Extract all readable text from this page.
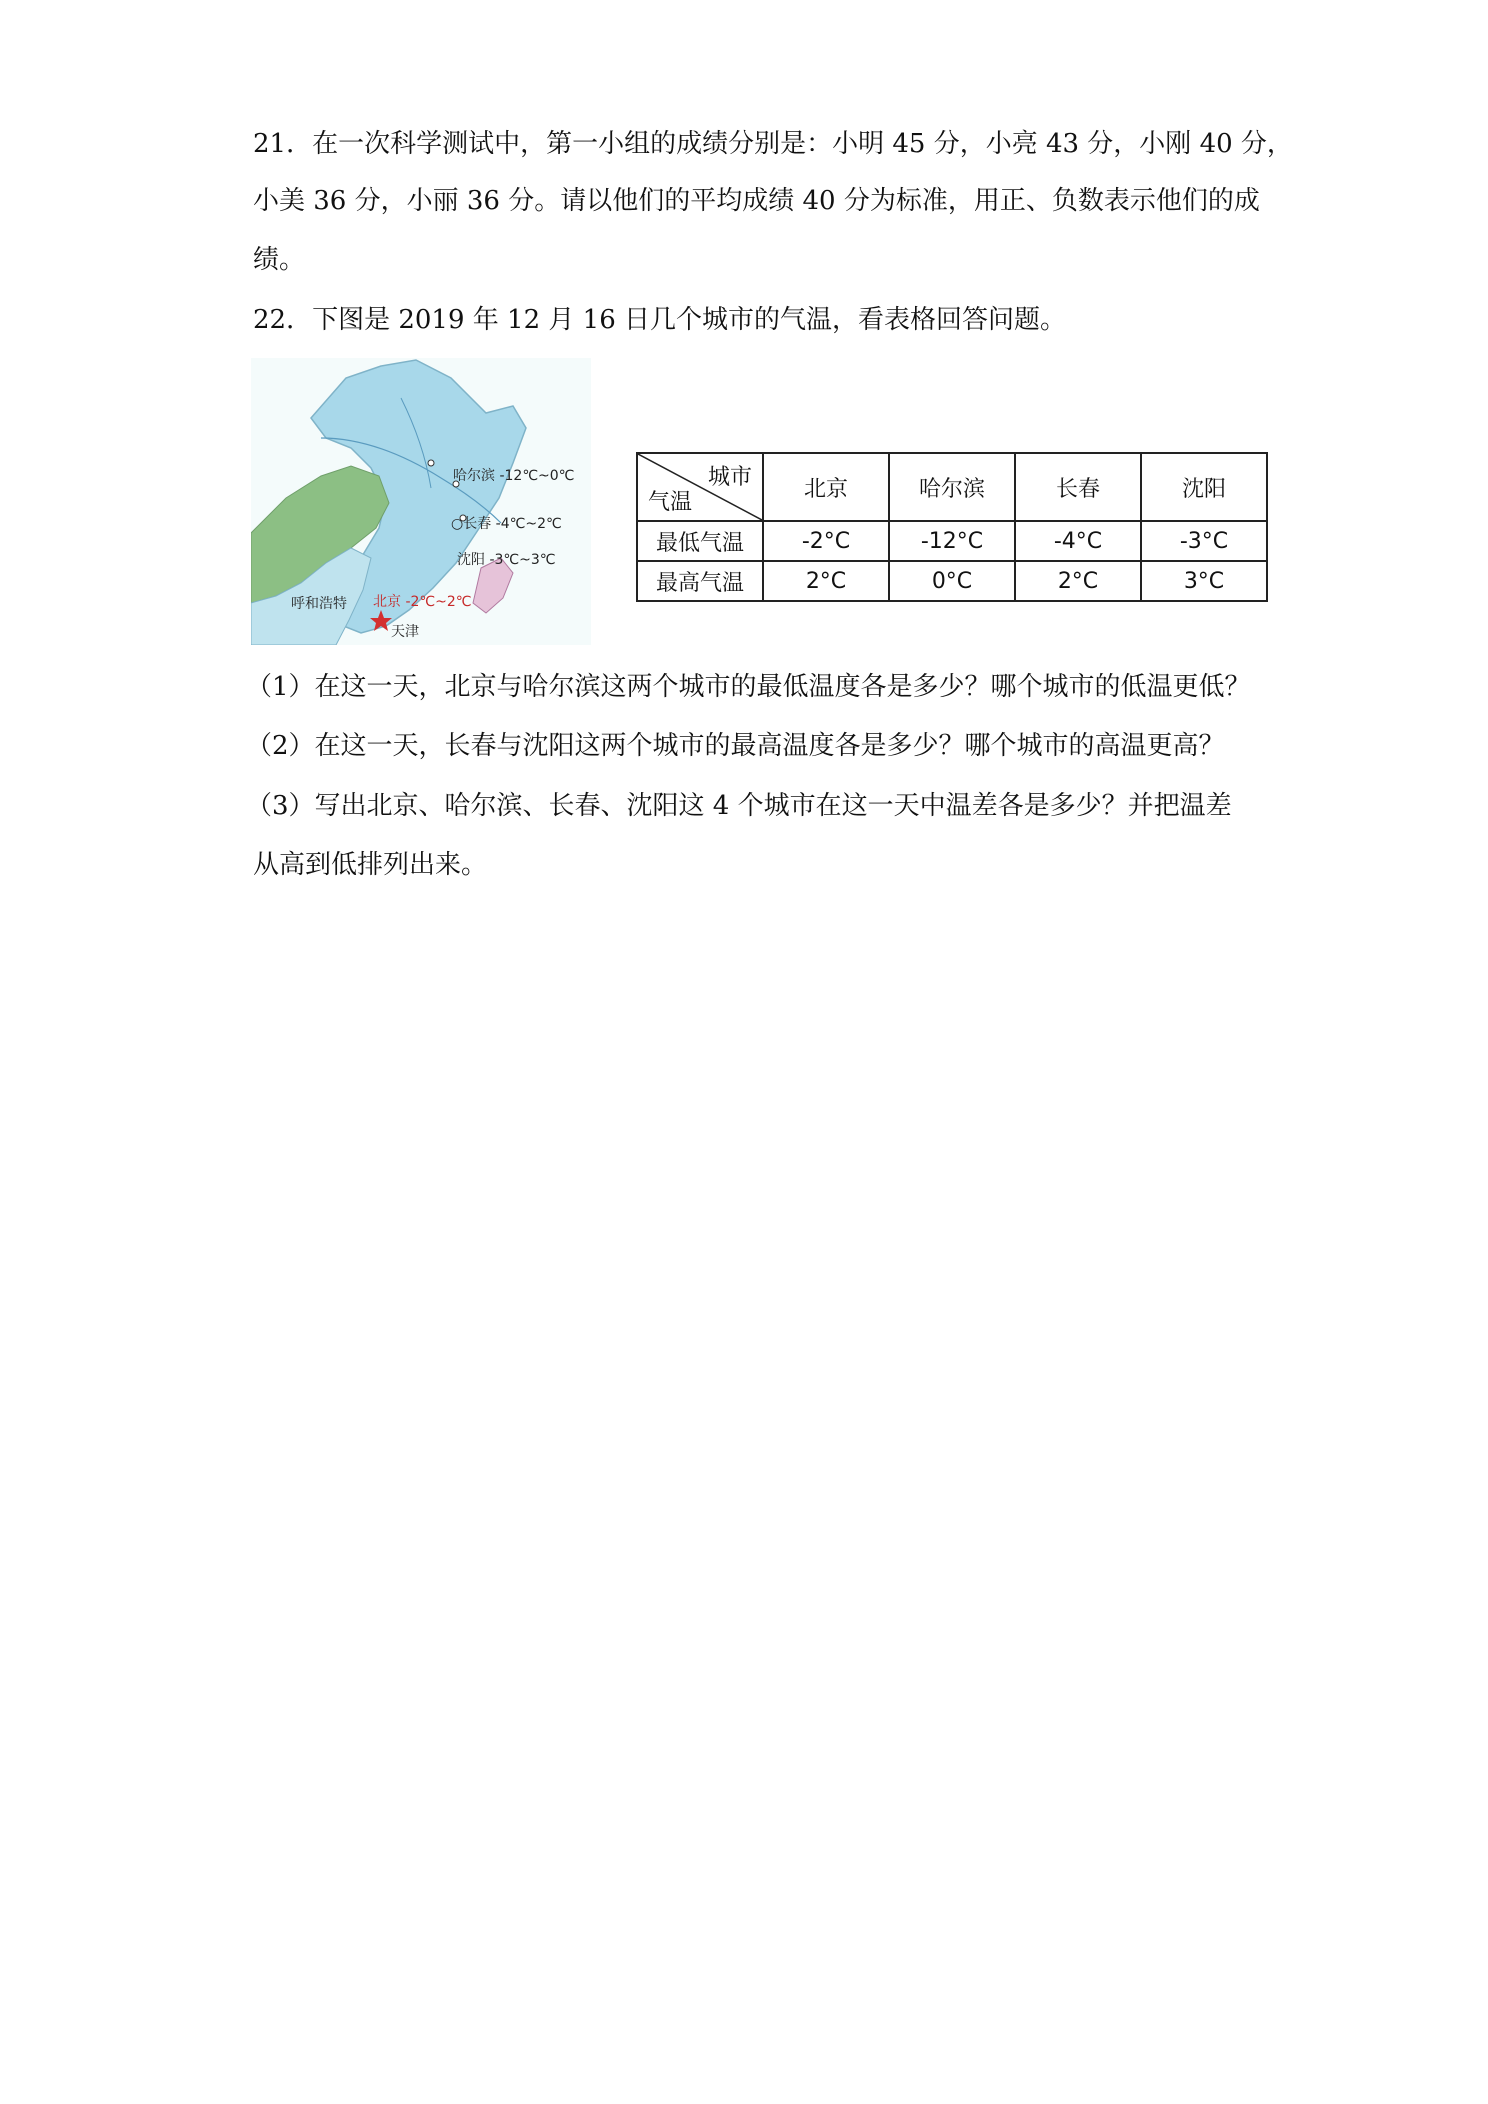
21．在一次科学测试中，第一小组的成绩分别是：小明 45 分，小亮 43 分，小刚 40 分，
小美 36 分，小丽 36 分。请以他们的平均成绩 40 分为标准，用正、负数表示他们的成
绩。
22．下图是 2019 年 12 月 16 日几个城市的气温，看表格回答问题。
哈尔滨 -12℃~0℃
○长春 -4℃~2℃
沈阳 -3℃~3℃
呼和浩特 北京 -2℃~2℃
天津
城市
气温	北京	哈尔滨	长春	沈阳
最低气温	-2°C	-12°C	-4°C	-3°C
最高气温	2°C	0°C	2°C	3°C
（1）在这一天，北京与哈尔滨这两个城市的最低温度各是多少？哪个城市的低温更低？
（2）在这一天，长春与沈阳这两个城市的最高温度各是多少？哪个城市的高温更高？
（3）写出北京、哈尔滨、长春、沈阳这 4 个城市在这一天中温差各是多少？并把温差
从高到低排列出来。
